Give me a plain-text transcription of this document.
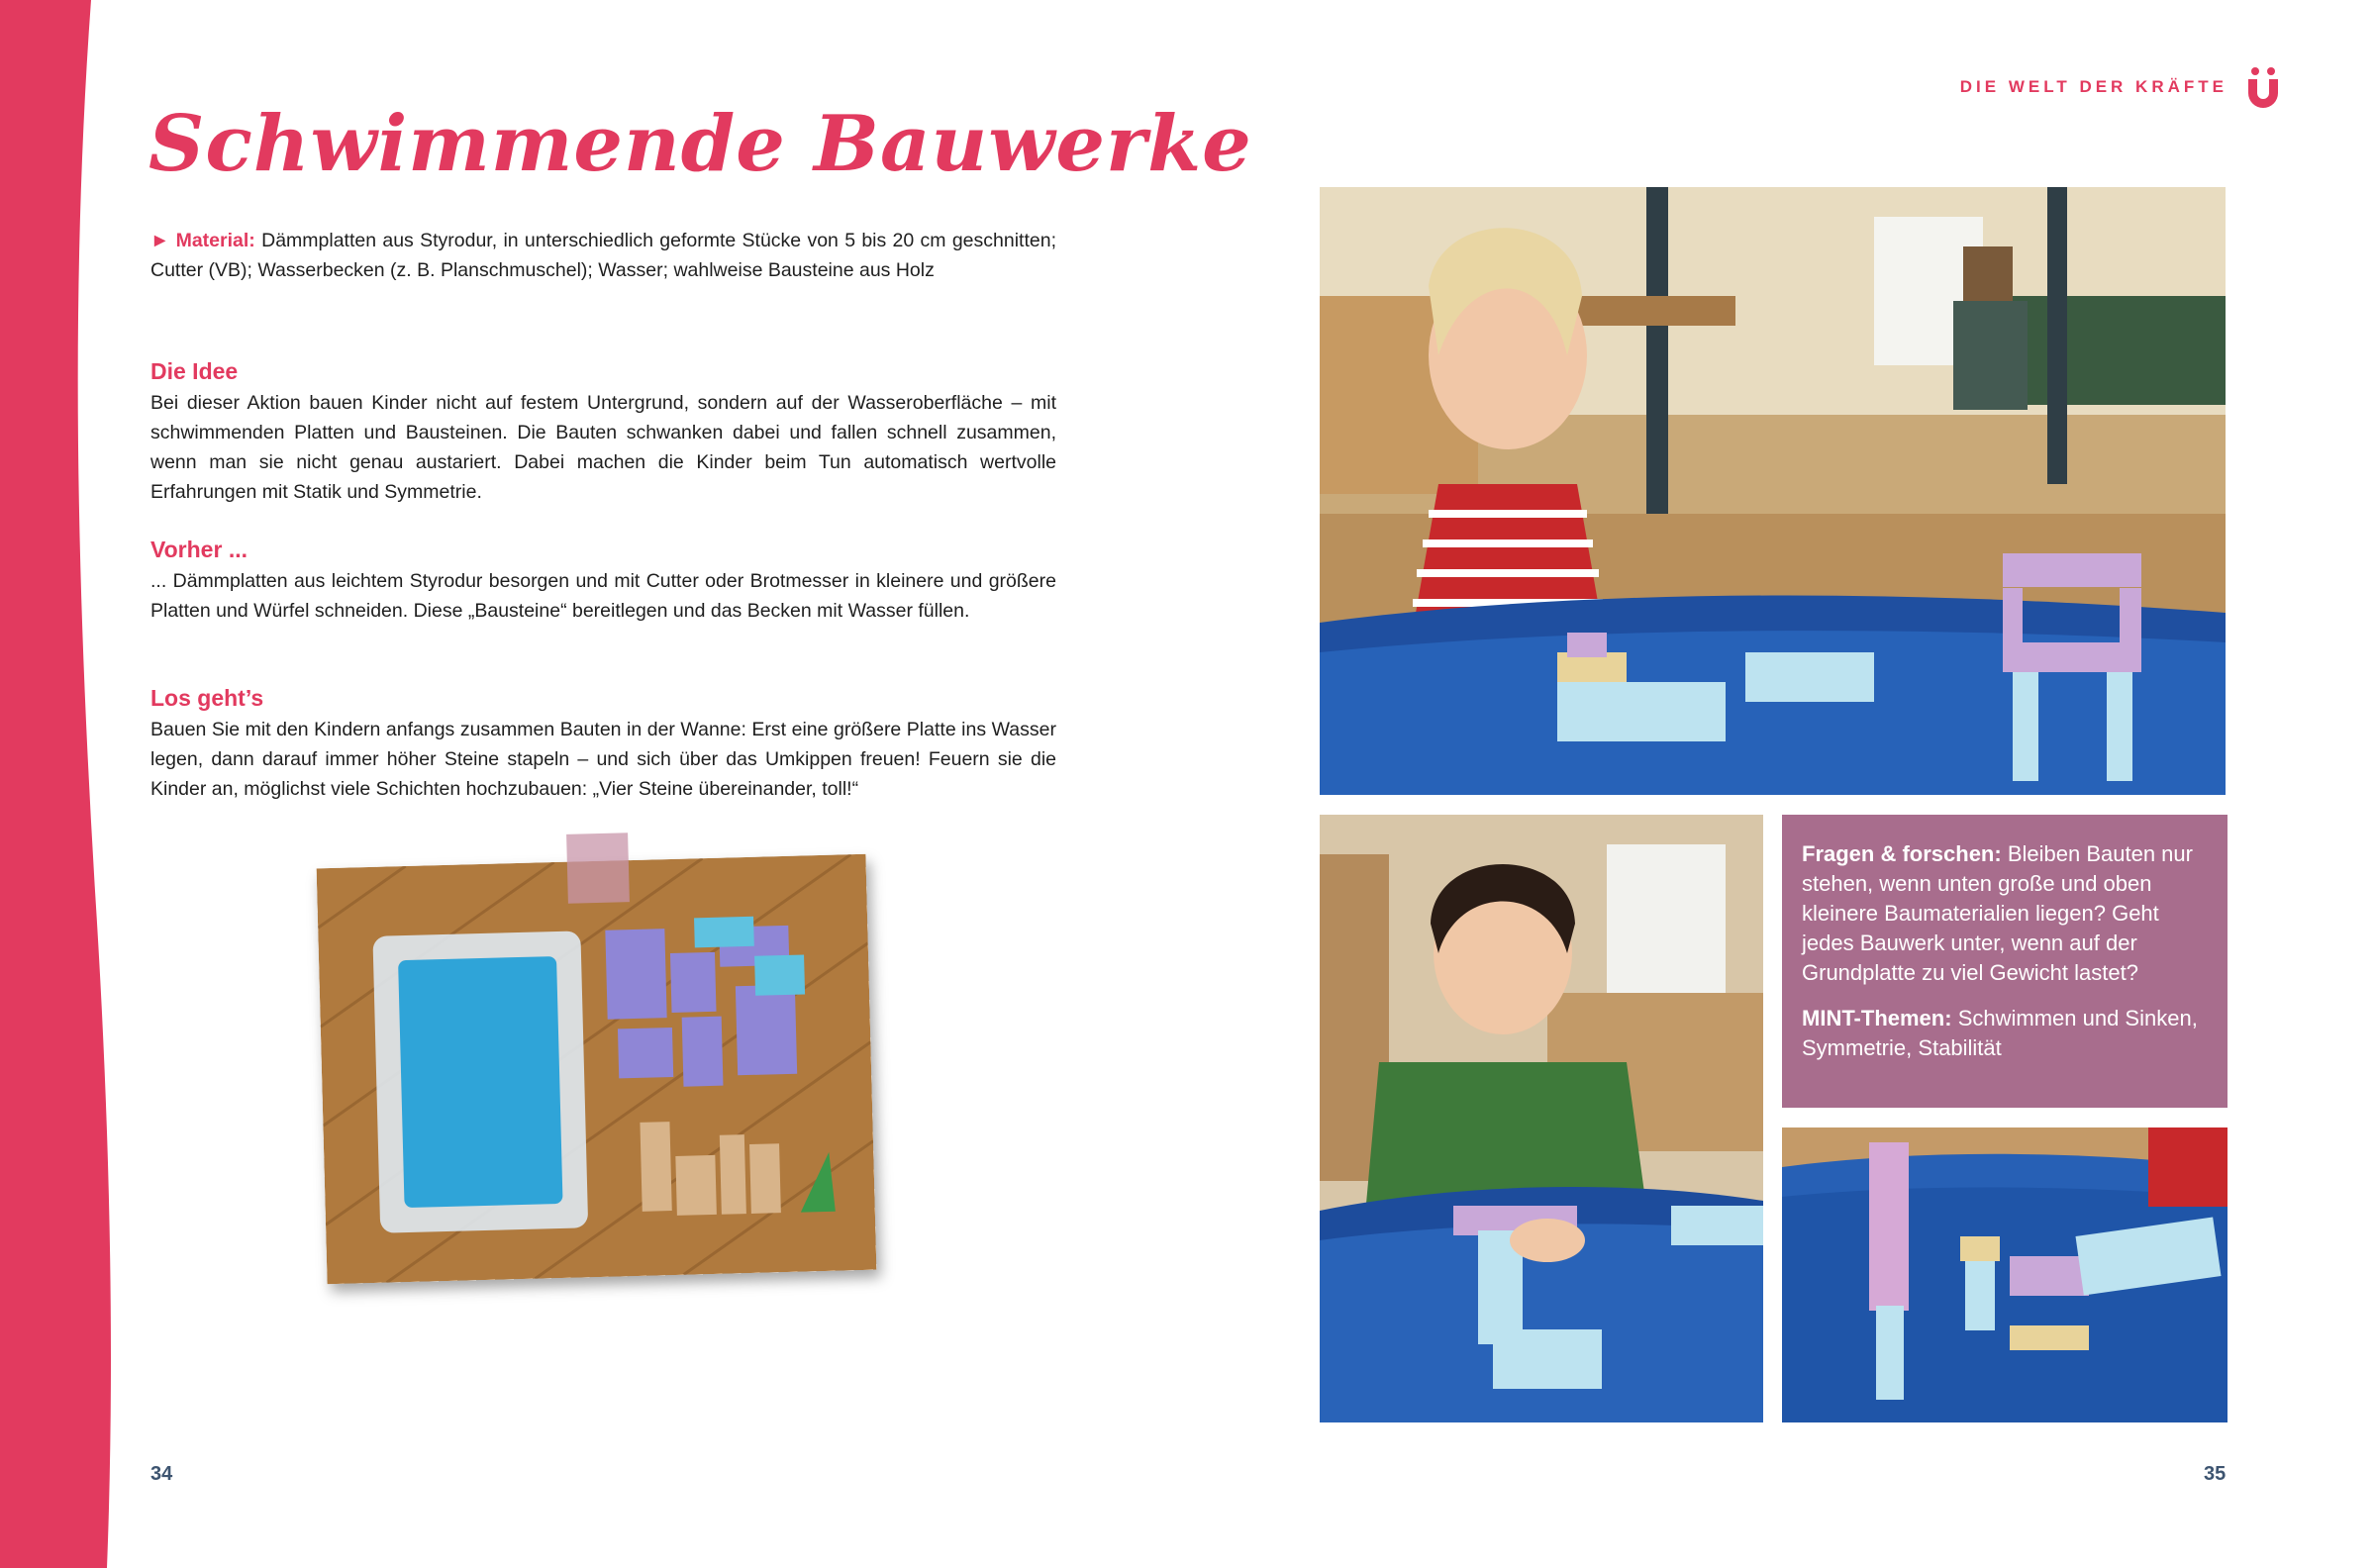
Schwimmende Bauwerke

► Material: Dämmplatten aus Styrodur, in unterschiedlich geformte Stücke von 5 bis 20 cm geschnitten; Cutter (VB); Wasserbecken (z. B. Planschmuschel); Wasser; wahlweise Bausteine aus Holz

Die Idee

Bei dieser Aktion bauen Kinder nicht auf festem Untergrund, sondern auf der Wasseroberfläche – mit schwimmenden Platten und Bausteinen. Die Bauten schwanken dabei und fallen schnell zusammen, wenn man sie nicht genau austariert. Dabei machen die Kinder beim Tun automatisch wertvolle Erfahrungen mit Statik und Symmetrie.

Vorher ...

... Dämmplatten aus leichtem Styrodur besorgen und mit Cutter oder Brotmesser in kleinere und größere Platten und Würfel schneiden. Diese „Bausteine“ bereitlegen und das Becken mit Wasser füllen.

Los geht’s

Bauen Sie mit den Kindern anfangs zusammen Bauten in der Wanne: Erst eine größere Platte ins Wasser legen, dann darauf immer höher Steine stapeln – und sich über das Umkippen freuen! Feuern sie die Kinder an, möglichst viele Schichten hochzubauen: „Vier Steine übereinander, toll!“

DIE WELT DER KRÄFTE

Fragen & forschen: Bleiben Bauten nur stehen, wenn unten große und oben kleinere Baumaterialien liegen? Geht jedes Bauwerk unter, wenn auf der Grundplatte zu viel Gewicht lastet?

MINT-Themen: Schwimmen und Sinken, Symmetrie, Stabilität

34	35
